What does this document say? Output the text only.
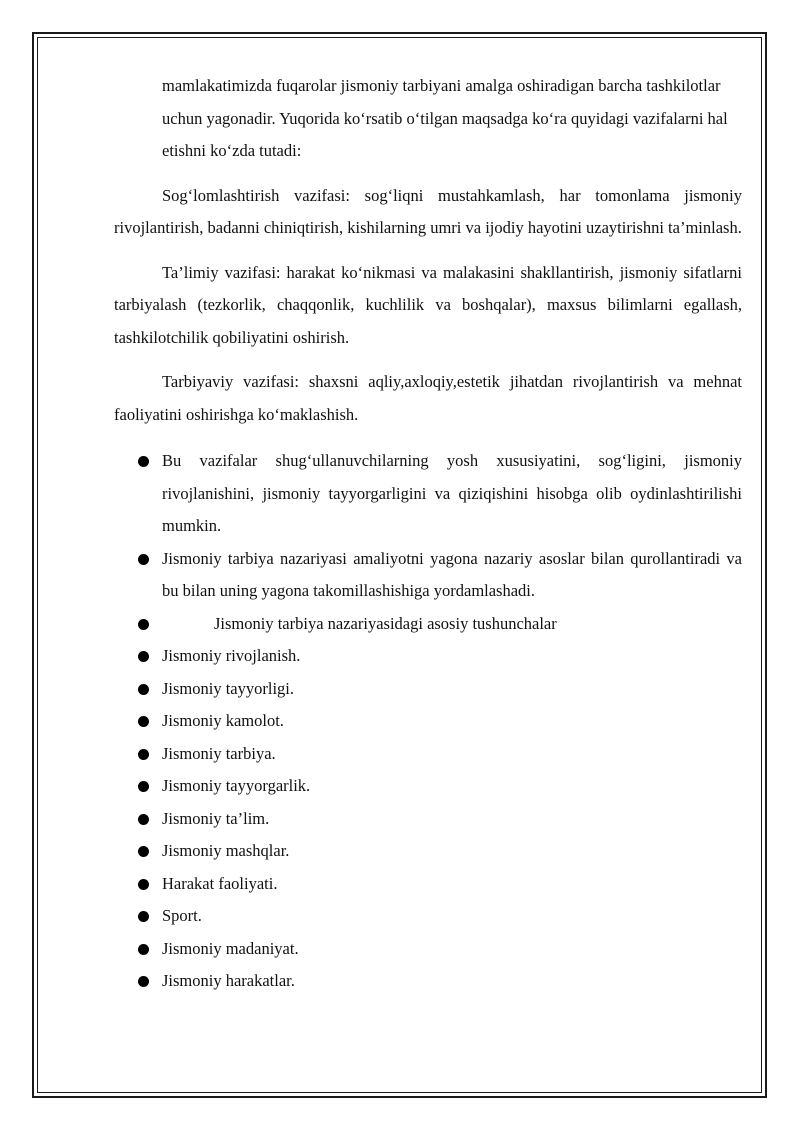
mamlakatimizda fuqarolar jismoniy tarbiyani amalga oshiradigan barcha tashkilotlar uchun yagonadir. Yuqorida ko‘rsatib o‘tilgan maqsadga ko‘ra quyidagi vazifalarni hal etishni ko‘zda tutadi:

Sog‘lomlashtirish vazifasi: sog‘liqni mustahkamlash, har tomonlama jismoniy rivojlantirish, badanni chiniqtirish, kishilarning umri va ijodiy hayotini uzaytirishni ta’minlash.

Ta’limiy vazifasi: harakat ko‘nikmasi va malakasini shakllantirish, jismoniy sifatlarni tarbiyalash (tezkorlik, chaqqonlik, kuchlilik va boshqalar), maxsus bilimlarni egallash, tashkilotchilik qobiliyatini oshirish.

Tarbiyaviy vazifasi: shaxsni aqliy,axloqiy,estetik jihatdan rivojlantirish va mehnat faoliyatini oshirishga ko‘maklashish.

Bu vazifalar shug‘ullanuvchilarning yosh xususiyatini, sog‘ligini, jismoniy rivojlanishini, jismoniy tayyorgarligini va qiziqishini hisobga olib oydinlashtirilishi mumkin.
Jismoniy tarbiya nazariyasi amaliyotni yagona nazariy asoslar bilan qurollantiradi va bu bilan uning yagona takomillashishiga yordamlashadi.
Jismoniy tarbiya nazariyasidagi asosiy tushunchalar
Jismoniy rivojlanish.
Jismoniy tayyorligi.
Jismoniy kamolot.
Jismoniy tarbiya.
Jismoniy tayyorgarlik.
Jismoniy ta’lim.
Jismoniy mashqlar.
Harakat faoliyati.
Sport.
Jismoniy madaniyat.
Jismoniy harakatlar.
